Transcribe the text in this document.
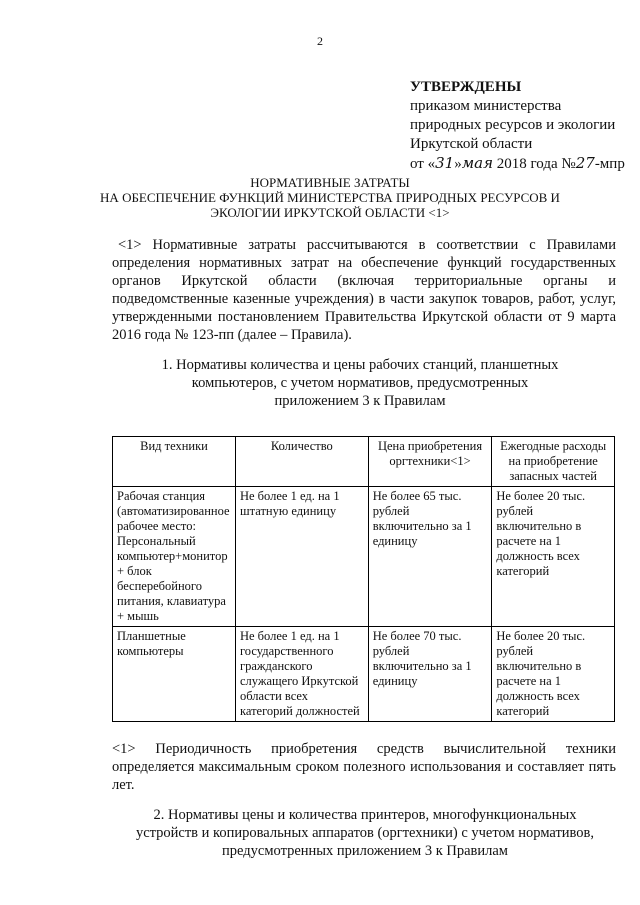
2
УТВЕРЖДЕНЫ
приказом министерства
природных ресурсов и экологии
Иркутской области
от «31»мая 2018 года №27-мпр
НОРМАТИВНЫЕ ЗАТРАТЫ
НА ОБЕСПЕЧЕНИЕ ФУНКЦИЙ МИНИСТЕРСТВА ПРИРОДНЫХ РЕСУРСОВ И
ЭКОЛОГИИ ИРКУТСКОЙ ОБЛАСТИ <1>
<1> Нормативные затраты рассчитываются в соответствии с Правилами определения нормативных затрат на обеспечение функций государственных органов Иркутской области (включая территориальные органы и подведомственные казенные учреждения) в части закупок товаров, работ, услуг, утвержденными постановлением Правительства Иркутской области от 9 марта 2016 года № 123-пп (далее – Правила).
1. Нормативы количества и цены рабочих станций, планшетных
компьютеров, с учетом нормативов, предусмотренных
приложением 3 к Правилам
Вид техники	Количество	Цена приобретения оргтехники<1>	Ежегодные расходы на приобретение запасных частей
Рабочая станция (автоматизированное рабочее место: Персональный компьютер+монитор + блок бесперебойного питания, клавиатура + мышь	Не более 1 ед. на 1 штатную единицу	Не более 65 тыс. рублей включительно за 1 единицу	Не более 20 тыс. рублей включительно в расчете на 1 должность всех категорий
Планшетные компьютеры	Не более 1 ед. на 1 государственного гражданского служащего Иркутской области всех категорий должностей	Не более 70 тыс. рублей включительно за 1 единицу	Не более 20 тыс. рублей включительно в расчете на 1 должность всех категорий
<1> Периодичность приобретения средств вычислительной техники определяется максимальным сроком полезного использования и составляет пять лет.
2. Нормативы цены и количества принтеров, многофункциональных
устройств и копировальных аппаратов (оргтехники) с учетом нормативов,
предусмотренных приложением 3 к Правилам
